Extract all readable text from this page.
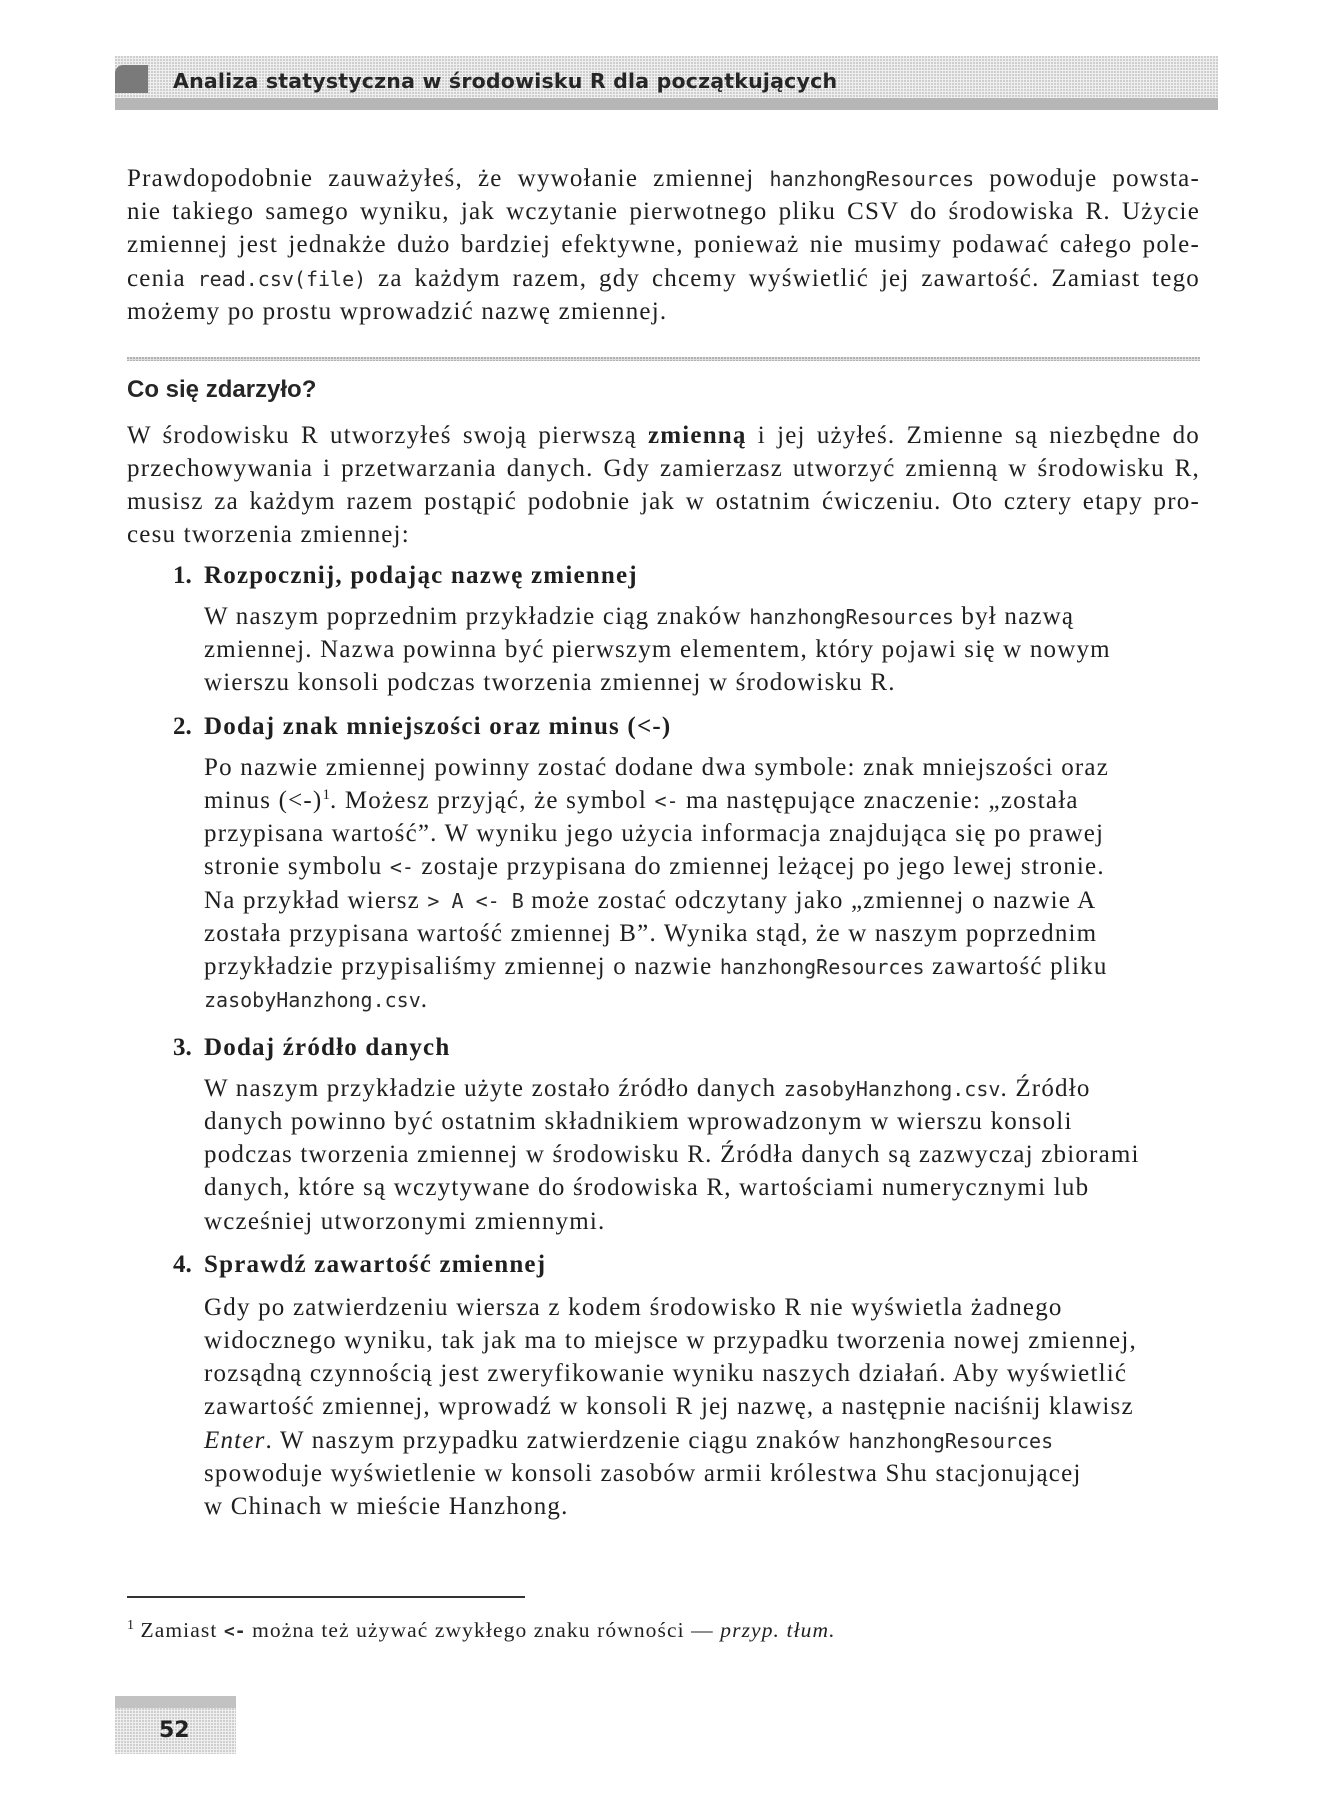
Analiza statystyczna w środowisku R dla początkujących
Prawdopodobnie zauważyłeś, że wywołanie zmiennej hanzhongResources powoduje powsta-
nie takiego samego wyniku, jak wczytanie pierwotnego pliku CSV do środowiska R. Użycie
zmiennej jest jednakże dużo bardziej efektywne, ponieważ nie musimy podawać całego pole-
cenia read.csv(file) za każdym razem, gdy chcemy wyświetlić jej zawartość. Zamiast tego
możemy po prostu wprowadzić nazwę zmiennej.
Co się zdarzyło?
W środowisku R utworzyłeś swoją pierwszą zmienną i jej użyłeś. Zmienne są niezbędne do
przechowywania i przetwarzania danych. Gdy zamierzasz utworzyć zmienną w środowisku R,
musisz za każdym razem postąpić podobnie jak w ostatnim ćwiczeniu. Oto cztery etapy pro-
cesu tworzenia zmiennej:
1. Rozpocznij, podając nazwę zmiennej
W naszym poprzednim przykładzie ciąg znaków hanzhongResources był nazwą
zmiennej. Nazwa powinna być pierwszym elementem, który pojawi się w nowym
wierszu konsoli podczas tworzenia zmiennej w środowisku R.
2. Dodaj znak mniejszości oraz minus (<-)
Po nazwie zmiennej powinny zostać dodane dwa symbole: znak mniejszości oraz
minus (<-)$^1$. Możesz przyjąć, że symbol <- ma następujące znaczenie: „została
przypisana wartość”. W wyniku jego użycia informacja znajdująca się po prawej
stronie symbolu <- zostaje przypisana do zmiennej leżącej po jego lewej stronie.
Na przykład wiersz > A <- B może zostać odczytany jako „zmiennej o nazwie A
została przypisana wartość zmiennej B”. Wynika stąd, że w naszym poprzednim
przykładzie przypisaliśmy zmiennej o nazwie hanzhongResources zawartość pliku
zasobyHanzhong.csv.
3. Dodaj źródło danych
W naszym przykładzie użyte zostało źródło danych zasobyHanzhong.csv. Źródło
danych powinno być ostatnim składnikiem wprowadzonym w wierszu konsoli
podczas tworzenia zmiennej w środowisku R. Źródła danych są zazwyczaj zbiorami
danych, które są wczytywane do środowiska R, wartościami numerycznymi lub
wcześniej utworzonymi zmiennymi.
4. Sprawdź zawartość zmiennej
Gdy po zatwierdzeniu wiersza z kodem środowisko R nie wyświetla żadnego
widocznego wyniku, tak jak ma to miejsce w przypadku tworzenia nowej zmiennej,
rozsądną czynnością jest zweryfikowanie wyniku naszych działań. Aby wyświetlić
zawartość zmiennej, wprowadź w konsoli R jej nazwę, a następnie naciśnij klawisz
Enter. W naszym przypadku zatwierdzenie ciągu znaków hanzhongResources
spowoduje wyświetlenie w konsoli zasobów armii królestwa Shu stacjonującej
w Chinach w mieście Hanzhong.
$^1$ Zamiast <- można też używać zwykłego znaku równości — przyp. tłum.
52
